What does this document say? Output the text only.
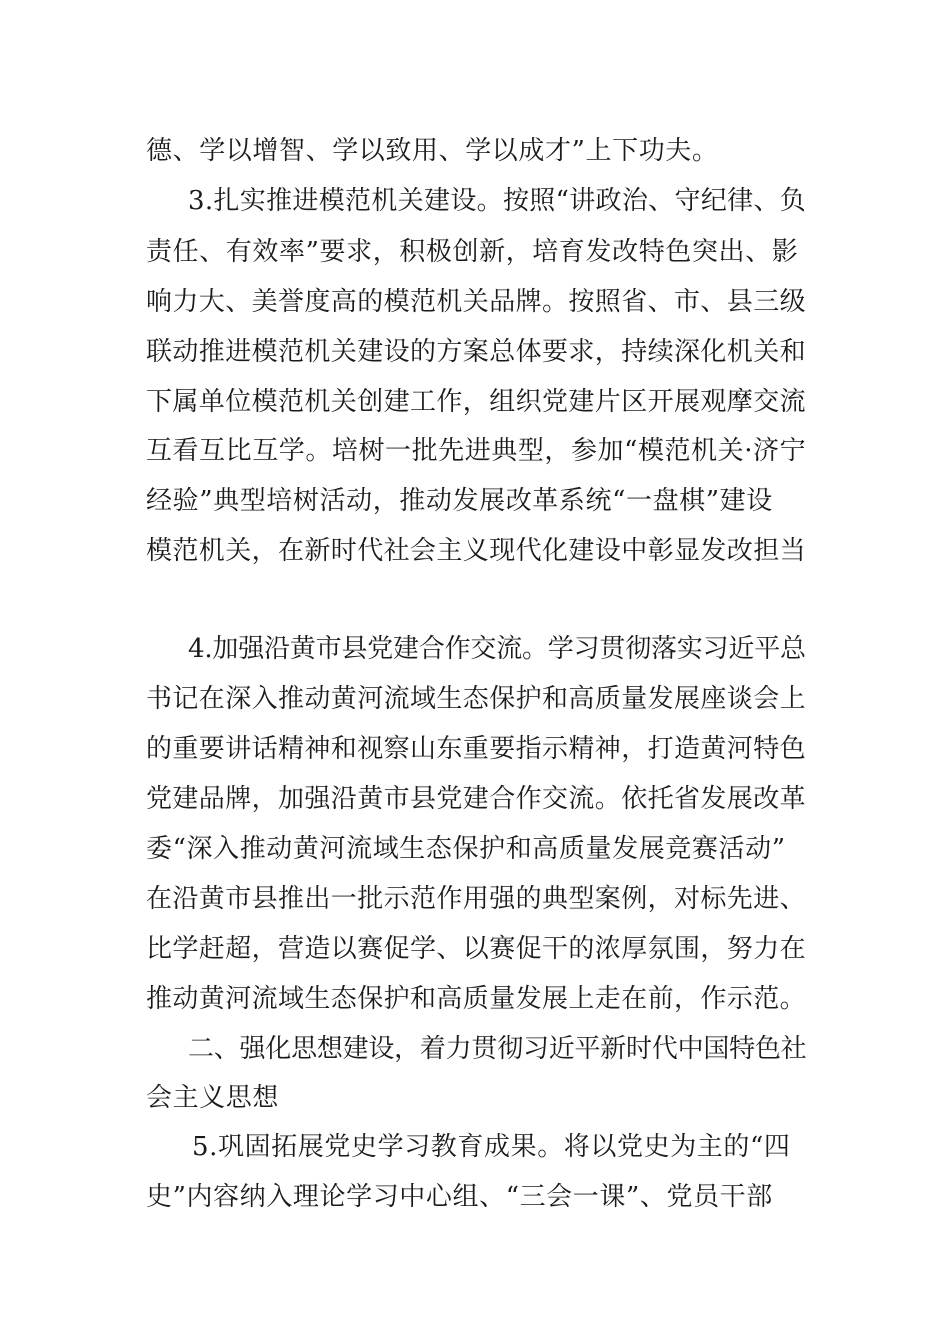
德、学以增智、学以致用、学以成才”上下功夫。
3.扎实推进模范机关建设。按照“讲政治、守纪律、负
责任、有效率”要求，积极创新，培育发改特色突出、影
响力大、美誉度高的模范机关品牌。按照省、市、县三级
联动推进模范机关建设的方案总体要求，持续深化机关和
下属单位模范机关创建工作，组织党建片区开展观摩交流
互看互比互学。培树一批先进典型，参加“模范机关·济宁
经验”典型培树活动，推动发展改革系统“一盘棋”建设
模范机关，在新时代社会主义现代化建设中彰显发改担当
4.加强沿黄市县党建合作交流。学习贯彻落实习近平总
书记在深入推动黄河流域生态保护和高质量发展座谈会上
的重要讲话精神和视察山东重要指示精神，打造黄河特色
党建品牌，加强沿黄市县党建合作交流。依托省发展改革
委“深入推动黄河流域生态保护和高质量发展竞赛活动”
在沿黄市县推出一批示范作用强的典型案例，对标先进、
比学赶超，营造以赛促学、以赛促干的浓厚氛围，努力在
推动黄河流域生态保护和高质量发展上走在前，作示范。
二、强化思想建设，着力贯彻习近平新时代中国特色社
会主义思想
5.巩固拓展党史学习教育成果。将以党史为主的“四
史”内容纳入理论学习中心组、“三会一课”、党员干部
